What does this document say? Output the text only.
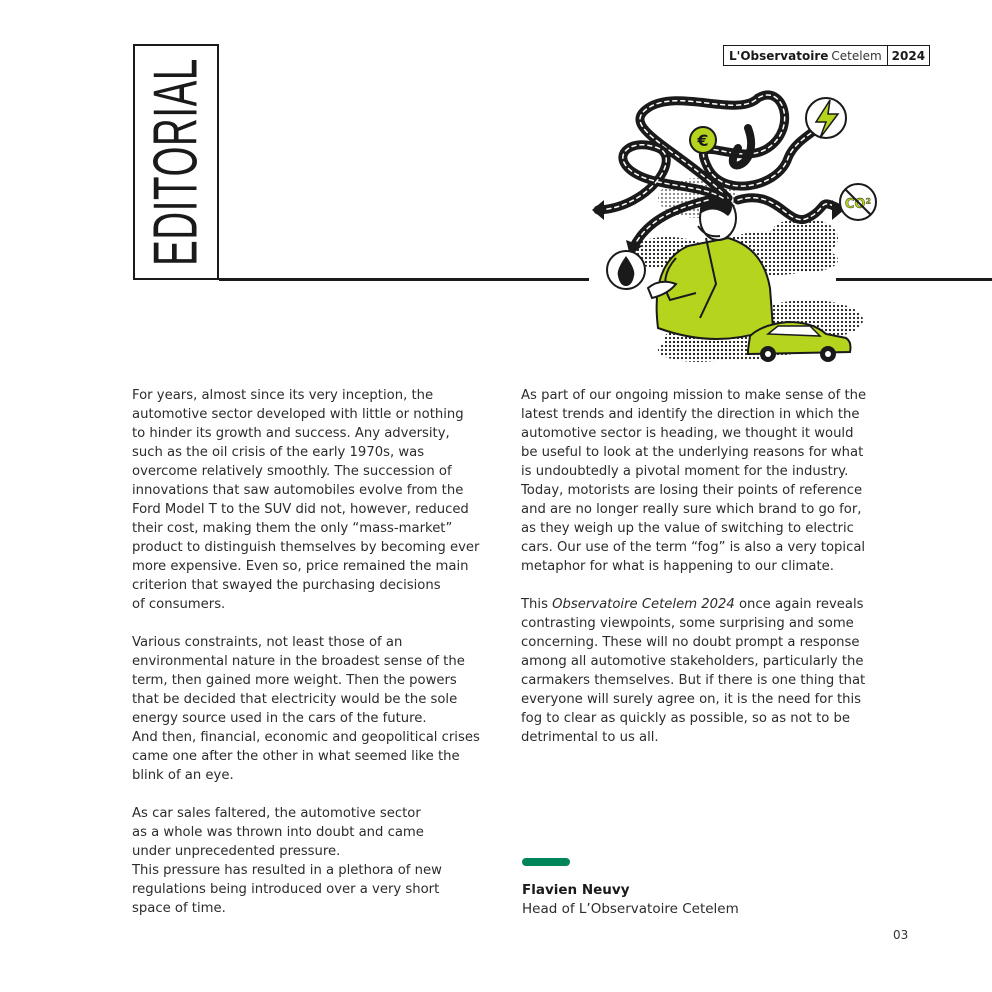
EDITORIAL
L'Observatoire Cetelem 2024
€
CO²

For years, almost since its very inception, the
automotive sector developed with little or nothing
to hinder its growth and success. Any adversity,
such as the oil crisis of the early 1970s, was
overcome relatively smoothly. The succession of
innovations that saw automobiles evolve from the
Ford Model T to the SUV did not, however, reduced
their cost, making them the only “mass-market”
product to distinguish themselves by becoming ever
more expensive. Even so, price remained the main
criterion that swayed the purchasing decisions
of consumers.

Various constraints, not least those of an
environmental nature in the broadest sense of the
term, then gained more weight. Then the powers
that be decided that electricity would be the sole
energy source used in the cars of the future.
And then, financial, economic and geopolitical crises
came one after the other in what seemed like the
blink of an eye.

As car sales faltered, the automotive sector
as a whole was thrown into doubt and came
under unprecedented pressure.
This pressure has resulted in a plethora of new
regulations being introduced over a very short
space of time.

As part of our ongoing mission to make sense of the
latest trends and identify the direction in which the
automotive sector is heading, we thought it would
be useful to look at the underlying reasons for what
is undoubtedly a pivotal moment for the industry.
Today, motorists are losing their points of reference
and are no longer really sure which brand to go for,
as they weigh up the value of switching to electric
cars. Our use of the term “fog” is also a very topical
metaphor for what is happening to our climate.

This Observatoire Cetelem 2024 once again reveals
contrasting viewpoints, some surprising and some
concerning. These will no doubt prompt a response
among all automotive stakeholders, particularly the
carmakers themselves. But if there is one thing that
everyone will surely agree on, it is the need for this
fog to clear as quickly as possible, so as not to be
detrimental to us all.

Flavien Neuvy
Head of L’Observatoire Cetelem
03
